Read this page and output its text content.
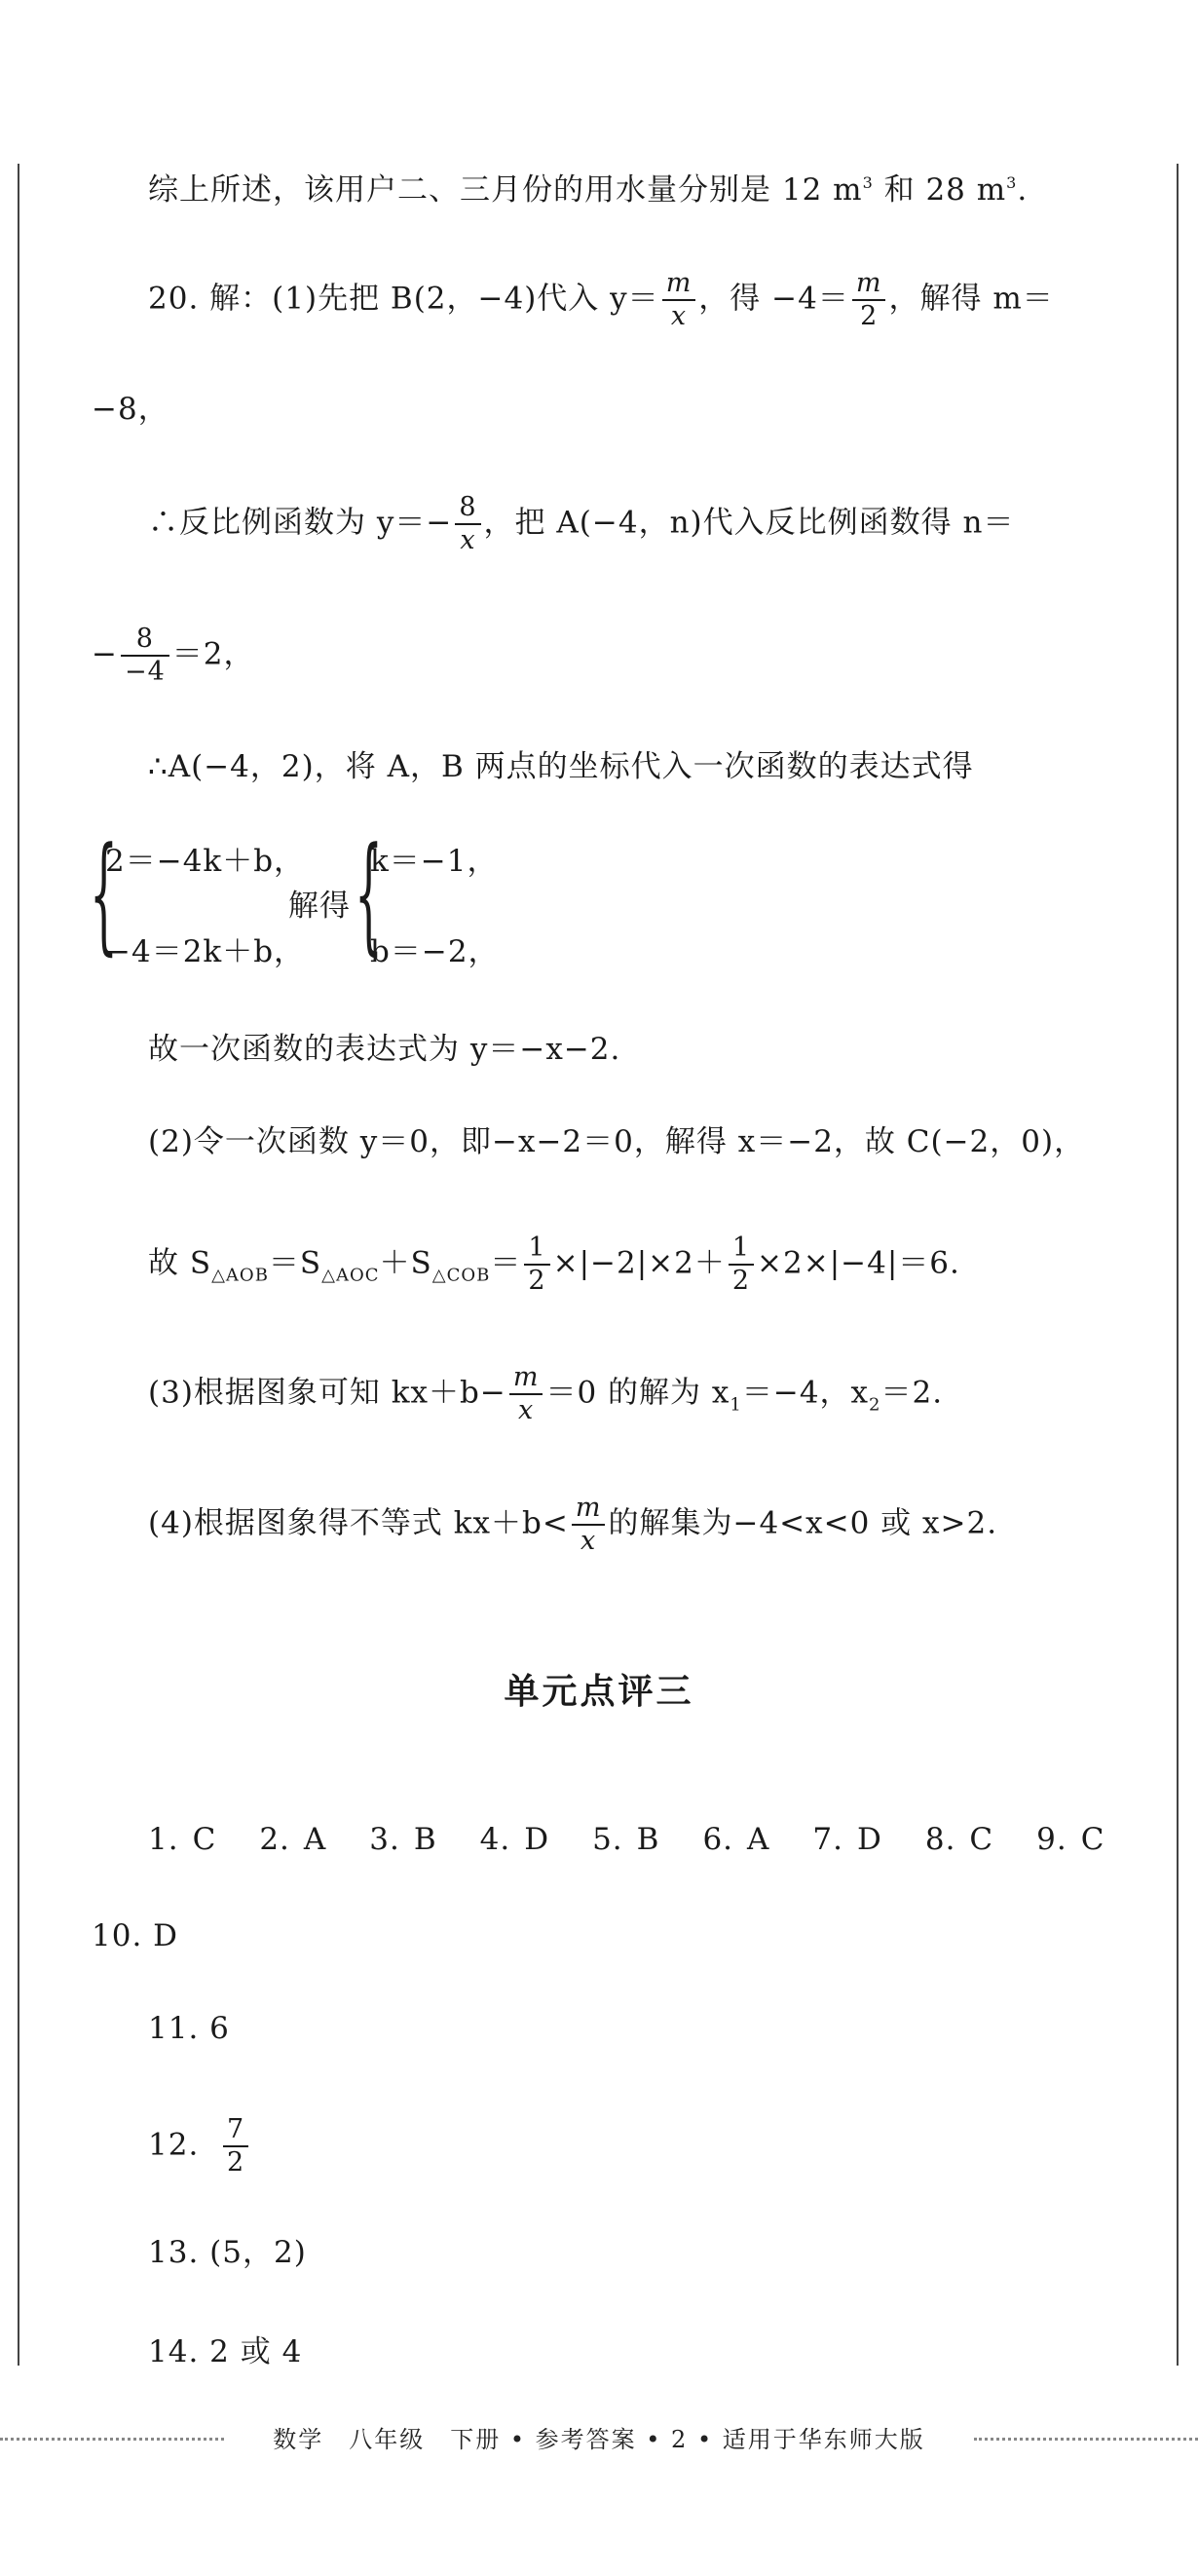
综上所述，该用户二、三月份的用水量分别是 12 $m^3$ 和 28 $m^3$.
20. 解：(1)先把 B(2，−4)代入 $y= \frac{m}{x}$ ，得 $-4= \frac{m}{2}$ ，解得 m＝
−8，
∴反比例函数为 $y=- \frac{8}{x}$ ，把 A(−4，n)代入反比例函数得 n＝
− $\frac{8}{-4} =2$，
∴A(−4，2)，将 A，B 两点的坐标代入一次函数的表达式得
{
2＝−4k＋b，
−4＝2k＋b，
解得 {
k＝−1，
b＝−2，
故一次函数的表达式为 y＝−x−2.
(2)令一次函数 y＝0，即−x−2＝0，解得 x＝−2，故 C(−2，0)，
故 $S_{\triangle AOB}=S_{\triangle AOC}+S_{\triangle COB}= \frac{1}{2} \times|-2|\times 2+ \frac{1}{2} \times 2\times|-4|=6$.
(3)根据图象可知 $kx+b- \frac{m}{x} =0$ 的解为 $x_1=-4$，$x_2=2$.
(4)根据图象得不等式 $kx+b< \frac{m}{x}$ 的解集为−4<x<0 或 x>2.
单元点评三
1. C 2. A 3. B 4. D 5. B 6. A 7. D 8. C 9. C
10. D
11. 6
12. $\frac{7}{2}$
13. (5，2)
14. 2 或 4
数学　八年级　下册 • 参考答案 • 2 • 适用于华东师大版
